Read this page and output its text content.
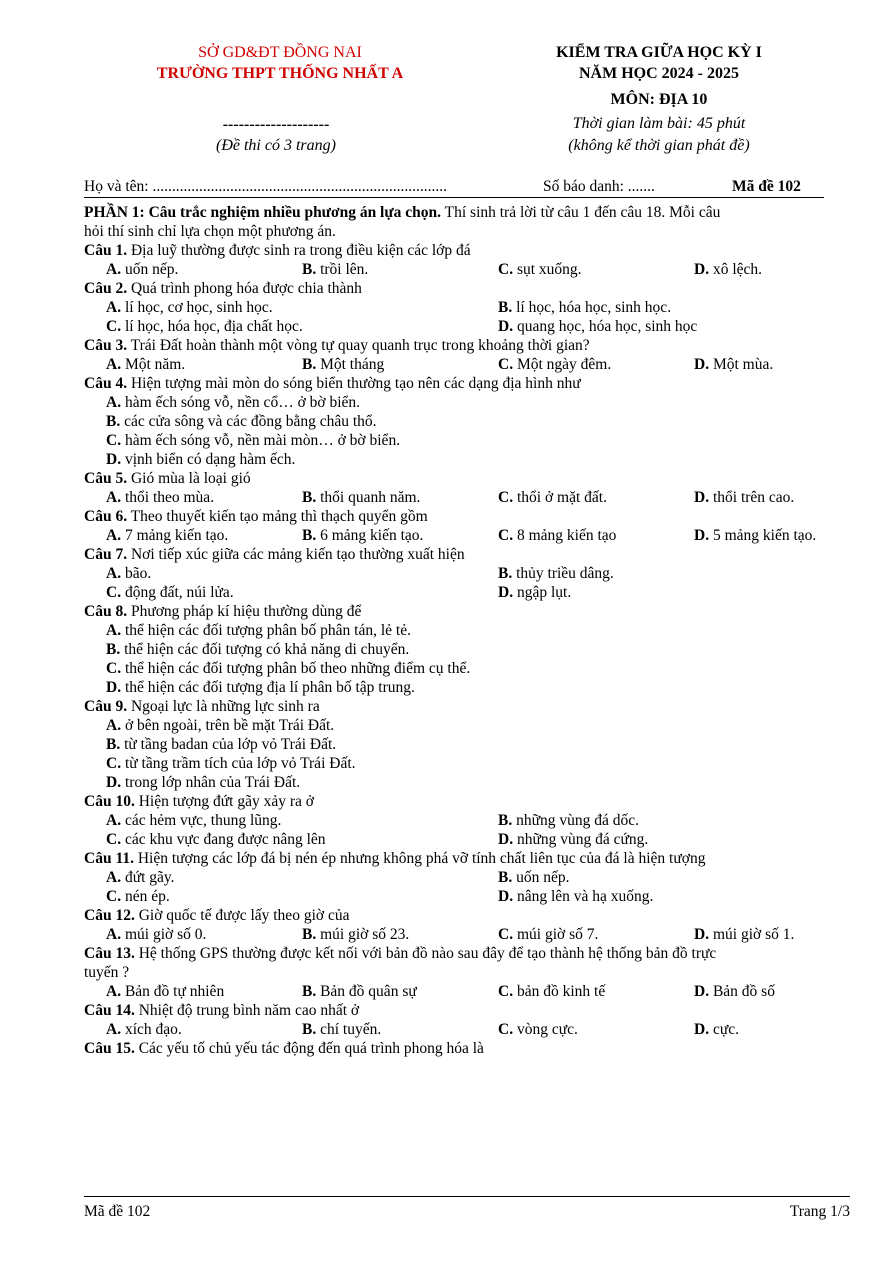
SỞ GD&ĐT ĐỒNG NAI
TRƯỜNG THPT THỐNG NHẤT A
--------------------
(Đề thi có 3 trang)
KIỂM TRA GIỮA HỌC KỲ I
NĂM HỌC 2024 - 2025
MÔN: ĐỊA 10
Thời gian làm bài: 45 phút
(không kể thời gian phát đề)
Họ và tên: ............................................................................	Số báo danh: .......	Mã đề 102

PHẦN 1: Câu trắc nghiệm nhiều phương án lựa chọn. Thí sinh trả lời từ câu 1 đến câu 18. Mỗi câu

hỏi thí sinh chỉ lựa chọn một phương án.

Câu 1. Địa luỹ thường được sinh ra trong điều kiện các lớp đá

A. uốn nếp.	B. trồi lên.	C. sụt xuống.	D. xô lệch.

Câu 2. Quá trình phong hóa được chia thành

A. lí học, cơ học, sinh học.	B. lí học, hóa học, sinh học.
C. lí học, hóa học, địa chất học.	D. quang học, hóa học, sinh học

Câu 3. Trái Đất hoàn thành một vòng tự quay quanh trục trong khoảng thời gian?

A. Một năm.	B. Một tháng	C. Một ngày đêm.	D. Một mùa.

Câu 4. Hiện tượng mài mòn do sóng biển thường tạo nên các dạng địa hình như

A. hàm ếch sóng vỗ, nền cổ… ở bờ biển.
B. các cửa sông và các đồng bằng châu thổ.
C. hàm ếch sóng vỗ, nền mài mòn… ở bờ biển.
D. vịnh biển có dạng hàm ếch.

Câu 5. Gió mùa là loại gió

A. thổi theo mùa.	B. thổi quanh năm.	C. thổi ở mặt đất.	D. thổi trên cao.

Câu 6. Theo thuyết kiến tạo mảng thì thạch quyển gồm

A. 7 mảng kiến tạo.	B. 6 mảng kiến tạo.	C. 8 mảng kiến tạo	D. 5 mảng kiến tạo.

Câu 7. Nơi tiếp xúc giữa các mảng kiến tạo thường xuất hiện

A. bão.	B. thủy triều dâng.
C. động đất, núi lửa.	D. ngập lụt.

Câu 8. Phương pháp kí hiệu thường dùng để

A. thể hiện các đối tượng phân bố phân tán, lẻ tẻ.
B. thể hiện các đối tượng có khả năng di chuyển.
C. thể hiện các đối tượng phân bố theo những điểm cụ thể.
D. thể hiện các đối tượng địa lí phân bố tập trung.

Câu 9. Ngoại lực là những lực sinh ra

A. ở bên ngoài, trên bề mặt Trái Đất.
B. từ tầng badan của lớp vỏ Trái Đất.
C. từ tầng trầm tích của lớp vỏ Trái Đất.
D. trong lớp nhân của Trái Đất.

Câu 10. Hiện tượng đứt gãy xảy ra ở

A. các hẻm vực, thung lũng.	B. những vùng đá dốc.
C. các khu vực đang được nâng lên	D. những vùng đá cứng.

Câu 11. Hiện tượng các lớp đá bị nén ép nhưng không phá vỡ tính chất liên tục của đá là hiện tượng

A. đứt gãy.	B. uốn nếp.
C. nén ép.	D. nâng lên và hạ xuống.

Câu 12. Giờ quốc tế được lấy theo giờ của

A. múi giờ số 0.	B. múi giờ số 23.	C. múi giờ số 7.	D. múi giờ số 1.

Câu 13. Hệ thống GPS thường được kết nối với bản đồ nào sau đây để tạo thành hệ thống bản đồ trực

tuyến ?

A. Bản đồ tự nhiên	B. Bản đồ quân sự	C. bản đồ kinh tế	D. Bản đồ số

Câu 14. Nhiệt độ trung bình năm cao nhất ở

A. xích đạo.	B. chí tuyến.	C. vòng cực.	D. cực.

Câu 15. Các yếu tố chủ yếu tác động đến quá trình phong hóa là

Mã đề 102	Trang 1/3
